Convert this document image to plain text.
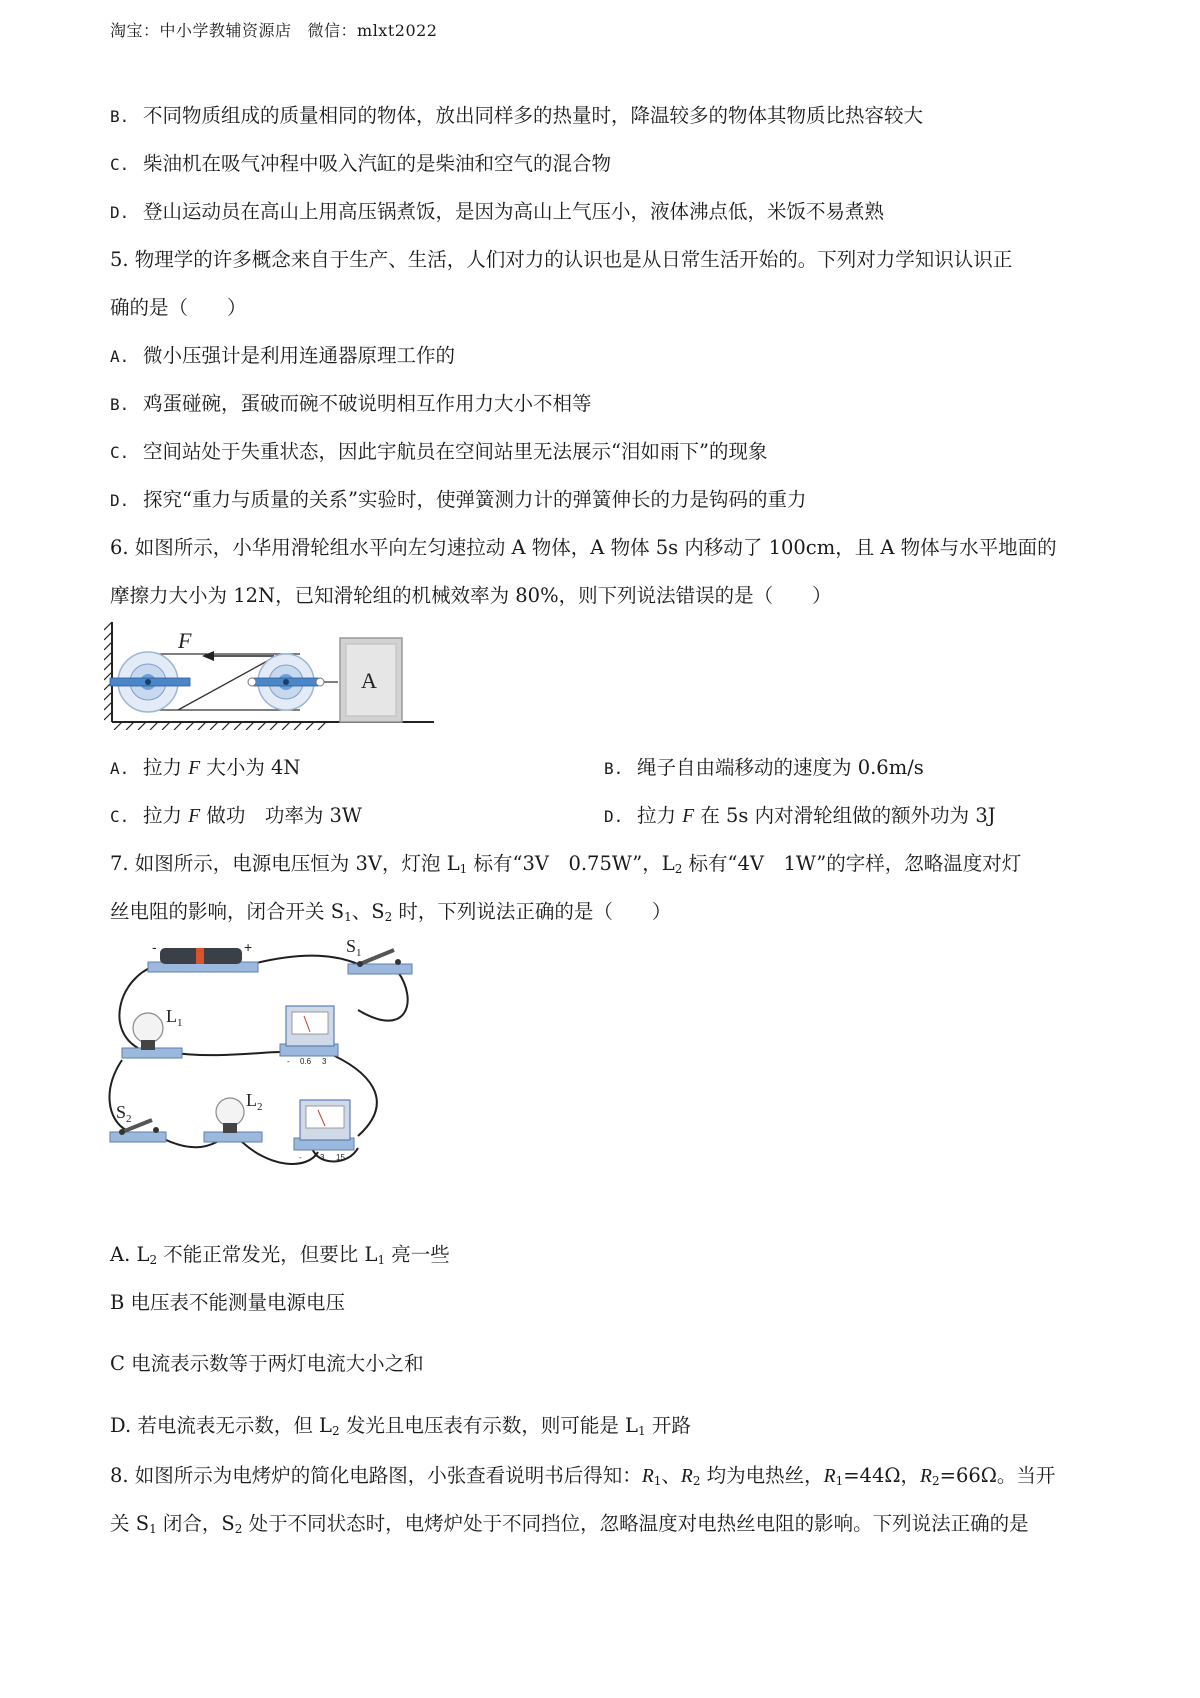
淘宝：中小学教辅资源店 微信：mlxt2022
B. 不同物质组成的质量相同的物体，放出同样多的热量时，降温较多的物体其物质比热容较大
C. 柴油机在吸气冲程中吸入汽缸的是柴油和空气的混合物
D. 登山运动员在高山上用高压锅煮饭，是因为高山上气压小，液体沸点低，米饭不易煮熟
5. 物理学的许多概念来自于生产、生活，人们对力的认识也是从日常生活开始的。下列对力学知识认识正
确的是（　　）
A. 微小压强计是利用连通器原理工作的
B. 鸡蛋碰碗，蛋破而碗不破说明相互作用力大小不相等
C. 空间站处于失重状态，因此宇航员在空间站里无法展示“泪如雨下”的现象
D. 探究“重力与质量的关系”实验时，使弹簧测力计的弹簧伸长的力是钩码的重力
6. 如图所示，小华用滑轮组水平向左匀速拉动 A 物体，A 物体 5s 内移动了 100cm，且 A 物体与水平地面的
摩擦力大小为 12N，已知滑轮组的机械效率为 80%，则下列说法错误的是（　　）
F
A
A. 拉力 F 大小为 4N	B. 绳子自由端移动的速度为 0.6m/s
C. 拉力 F 做功　功率为 3W	D. 拉力 F 在 5s 内对滑轮组做的额外功为 3J
7. 如图所示，电源电压恒为 3V，灯泡 $L_1$ 标有“3V　0.75W”，$L_2$ 标有“4V　1W”的字样，忽略温度对灯
丝电阻的影响，闭合开关 $S_1$、$S_2$ 时，下列说法正确的是（　　）
-	+	$S_1$
$L_1$
- 0.6 3
$S_2$
$L_2$
- 3 15
A. $L_2$ 不能正常发光，但要比 $L_1$ 亮一些
B 电压表不能测量电源电压
C 电流表示数等于两灯电流大小之和
D. 若电流表无示数，但 $L_2$ 发光且电压表有示数，则可能是 $L_1$ 开路
8. 如图所示为电烤炉的简化电路图，小张查看说明书后得知：$R_1$、$R_2$ 均为电热丝，$R_1=44\Omega$，$R_2=66\Omega$。当开
关 $S_1$ 闭合，$S_2$ 处于不同状态时，电烤炉处于不同挡位，忽略温度对电热丝电阻的影响。下列说法正确的是
